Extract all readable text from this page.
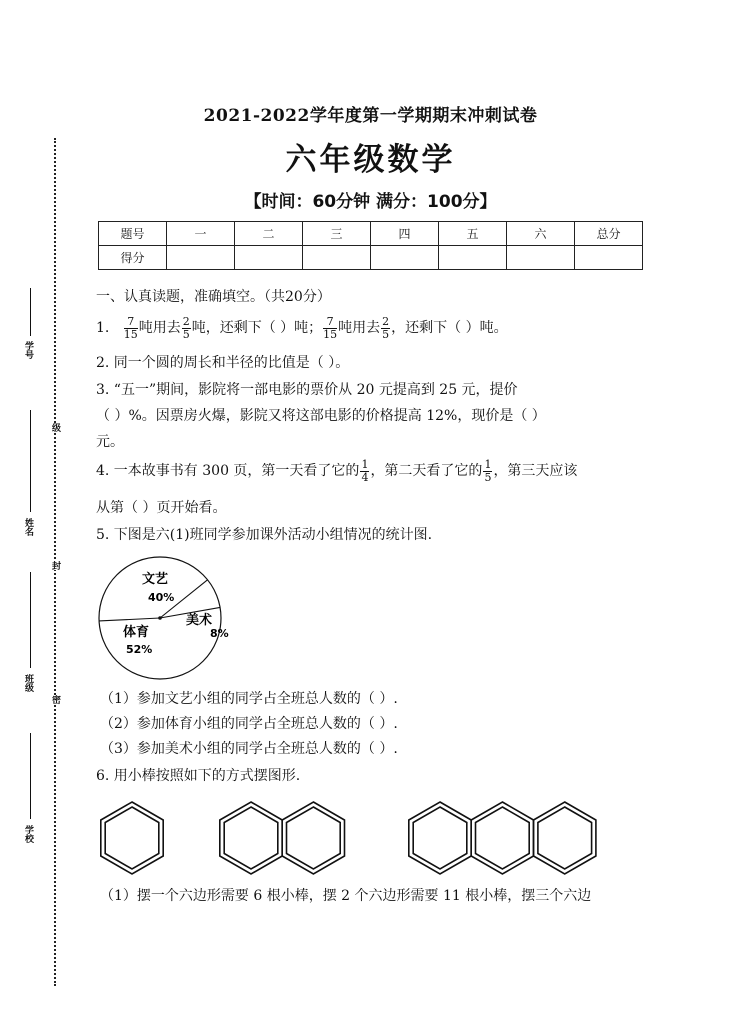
学号
姓名
班级
学校
级
封
密
2021-2022学年度第一学期期末冲刺试卷
六年级数学
【时间：60分钟 满分：100分】
题号	一	二	三	四	五	六	总分
得分							
一、认真读题，准确填空。（共20分）
1. $\frac{7}{15}$ 吨用去 $\frac{2}{5}$ 吨，还剩下（ ）吨； $\frac{7}{15}$ 吨用去 $\frac{2}{5}$ ，还剩下（ ）吨。
2. 同一个圆的周长和半径的比值是（ ）。
3. “五一”期间，影院将一部电影的票价从 20 元提高到 25 元，提价
（ ）%。因票房火爆，影院又将这部电影的价格提高 12%，现价是（ ）
元。
4. 一本故事书有 300 页，第一天看了它的 $\frac{1}{4}$ ，第二天看了它的 $\frac{1}{5}$ ，第三天应该
从第（ ）页开始看。
5. 下图是六(1)班同学参加课外活动小组情况的统计图.
文艺
40%
体育
52%
美术
8%
（1）参加文艺小组的同学占全班总人数的（ ）.
（2）参加体育小组的同学占全班总人数的（ ）.
（3）参加美术小组的同学占全班总人数的（ ）.
6. 用小棒按照如下的方式摆图形.
（1）摆一个六边形需要 6 根小棒，摆 2 个六边形需要 11 根小棒，摆三个六边
